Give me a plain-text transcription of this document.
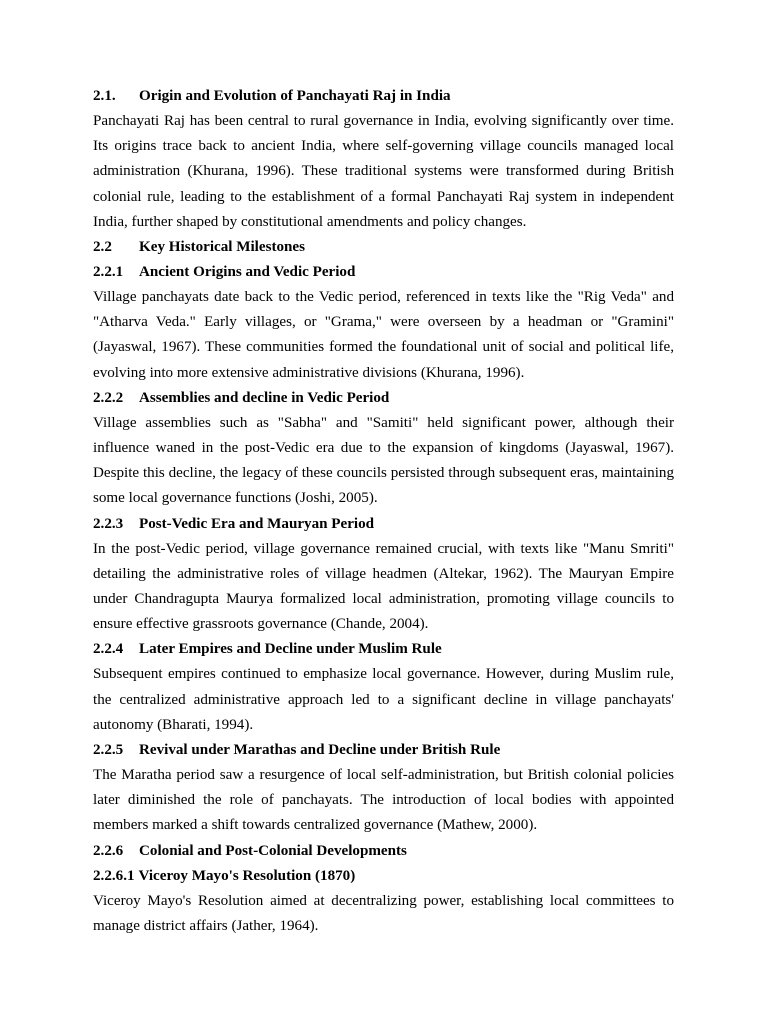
2.1.	Origin and Evolution of Panchayati Raj in India

Panchayati Raj has been central to rural governance in India, evolving significantly over time. Its origins trace back to ancient India, where self-governing village councils managed local administration (Khurana, 1996). These traditional systems were transformed during British colonial rule, leading to the establishment of a formal Panchayati Raj system in independent India, further shaped by constitutional amendments and policy changes.

2.2	Key Historical Milestones
2.2.1	Ancient Origins and Vedic Period

Village panchayats date back to the Vedic period, referenced in texts like the "Rig Veda" and "Atharva Veda." Early villages, or "Grama," were overseen by a headman or "Gramini" (Jayaswal, 1967). These communities formed the foundational unit of social and political life, evolving into more extensive administrative divisions (Khurana, 1996).

2.2.2	Assemblies and decline in Vedic Period

Village assemblies such as "Sabha" and "Samiti" held significant power, although their influence waned in the post-Vedic era due to the expansion of kingdoms (Jayaswal, 1967). Despite this decline, the legacy of these councils persisted through subsequent eras, maintaining some local governance functions (Joshi, 2005).

2.2.3	Post-Vedic Era and Mauryan Period

In the post-Vedic period, village governance remained crucial, with texts like "Manu Smriti" detailing the administrative roles of village headmen (Altekar, 1962). The Mauryan Empire under Chandragupta Maurya formalized local administration, promoting village councils to ensure effective grassroots governance (Chande, 2004).

2.2.4	Later Empires and Decline under Muslim Rule

Subsequent empires continued to emphasize local governance. However, during Muslim rule, the centralized administrative approach led to a significant decline in village panchayats' autonomy (Bharati, 1994).

2.2.5	Revival under Marathas and Decline under British Rule

The Maratha period saw a resurgence of local self-administration, but British colonial policies later diminished the role of panchayats. The introduction of local bodies with appointed members marked a shift towards centralized governance (Mathew, 2000).

2.2.6	Colonial and Post-Colonial Developments
2.2.6.1 Viceroy Mayo's Resolution (1870)

Viceroy Mayo's Resolution aimed at decentralizing power, establishing local committees to manage district affairs (Jather, 1964).
